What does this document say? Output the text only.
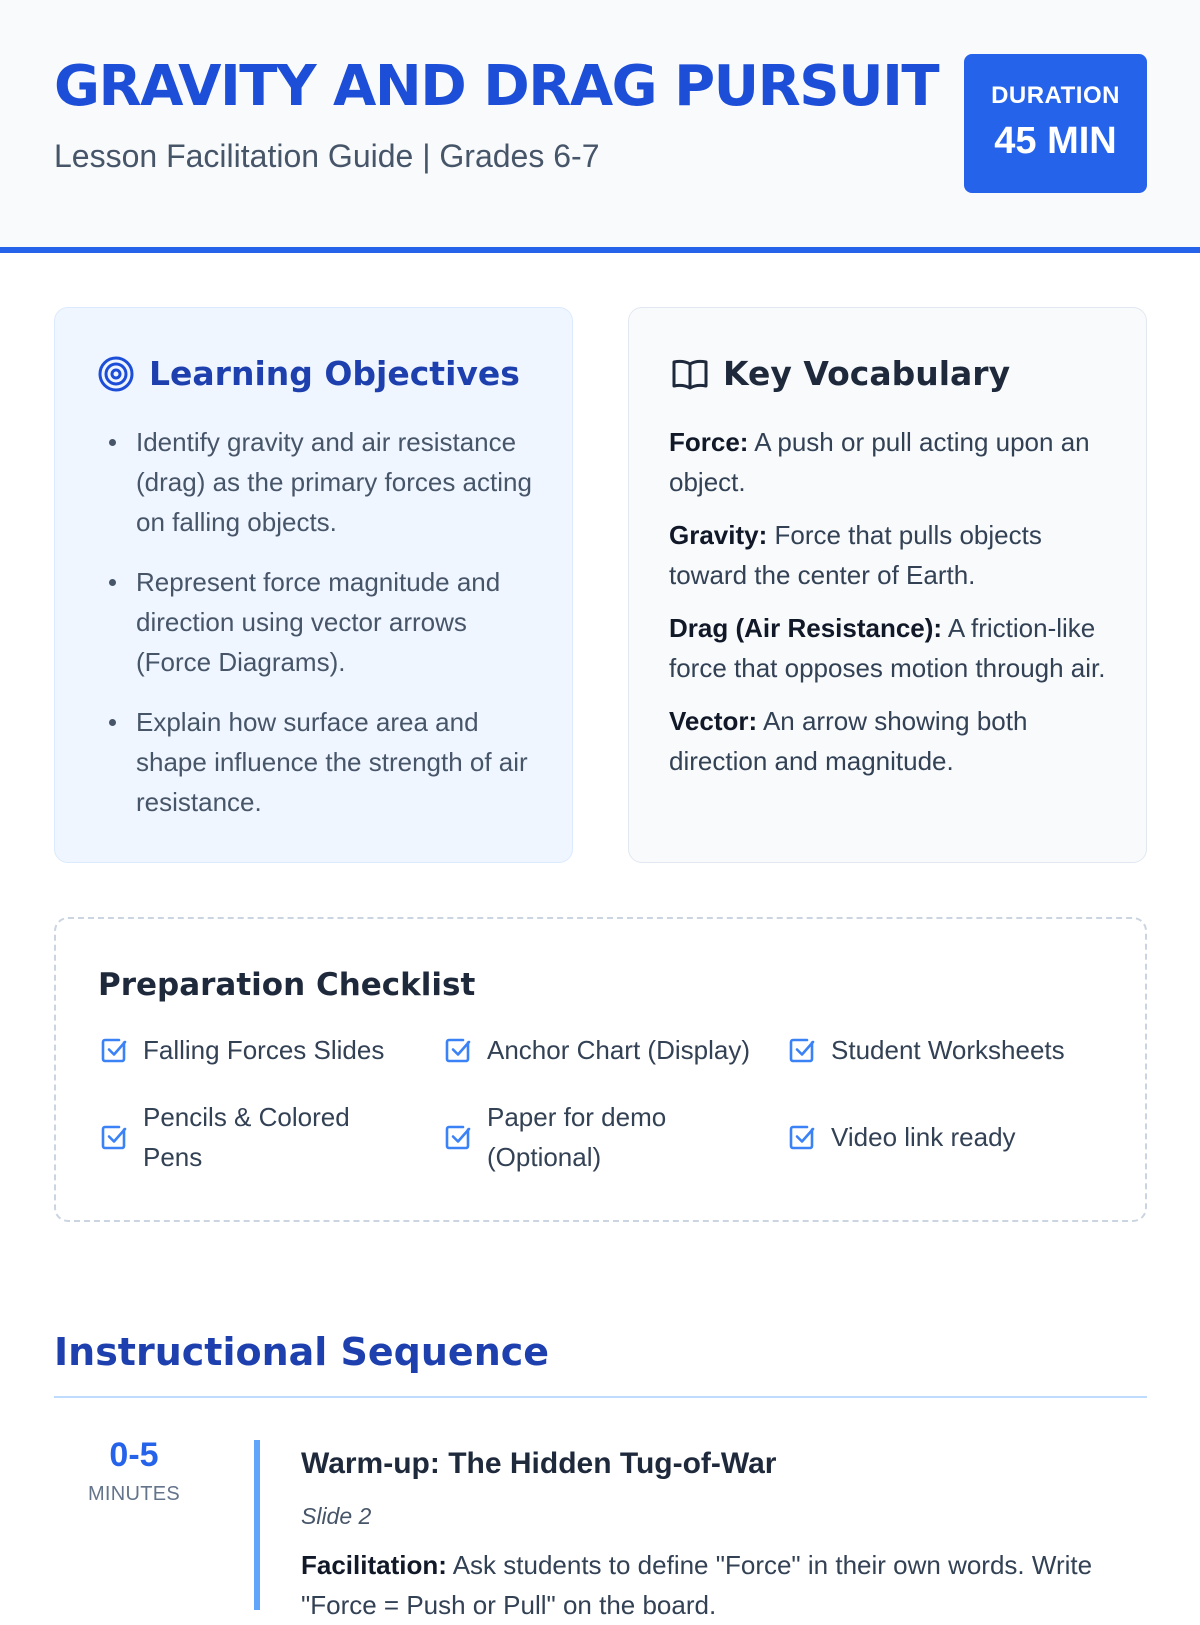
GRAVITY AND DRAG PURSUIT
Lesson Facilitation Guide | Grades 6-7
DURATION
45 MIN
Learning Objectives
Identify gravity and air resistance (drag) as the primary forces acting on falling objects.
Represent force magnitude and direction using vector arrows (Force Diagrams).
Explain how surface area and shape influence the strength of air resistance.
Key Vocabulary

Force: A push or pull acting upon an object.

Gravity: Force that pulls objects toward the center of Earth.

Drag (Air Resistance): A friction-like force that opposes motion through air.

Vector: An arrow showing both direction and magnitude.

Preparation Checklist
Falling Forces Slides	Anchor Chart (Display)	Student Worksheets
Pencils & Colored Pens
Paper for demo (Optional)
Video link ready
Instructional Sequence
0-5
MINUTES
Warm-up: The Hidden Tug-of-War
Slide 2

Facilitation: Ask students to define "Force" in their own words. Write "Force = Push or Pull" on the board.
